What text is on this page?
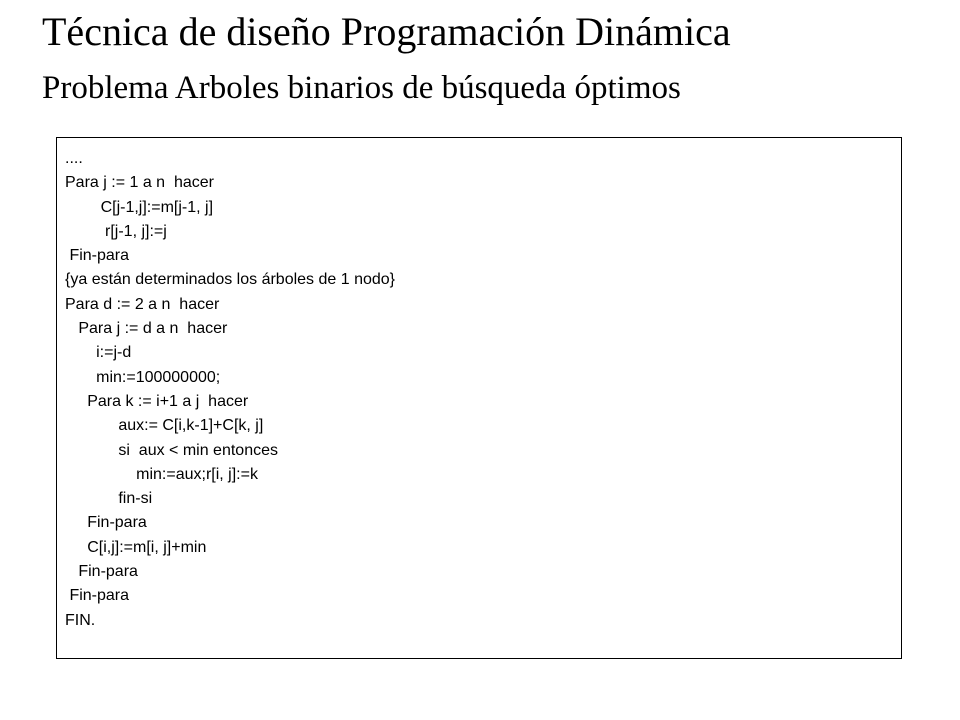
Técnica de diseño Programación Dinámica
Problema Arboles binarios de búsqueda óptimos
....
Para j := 1 a n  hacer
C[j-1,j]:=m[j-1, j]
r[j-1, j]:=j
Fin-para
{ya están determinados los árboles de 1 nodo}
Para d := 2 a n  hacer
Para j := d a n  hacer
i:=j-d
min:=100000000;
Para k := i+1 a j  hacer
aux:= C[i,k-1]+C[k, j]
si  aux < min entonces
min:=aux;r[i, j]:=k
fin-si
Fin-para
C[i,j]:=m[i, j]+min
Fin-para
Fin-para
FIN.
